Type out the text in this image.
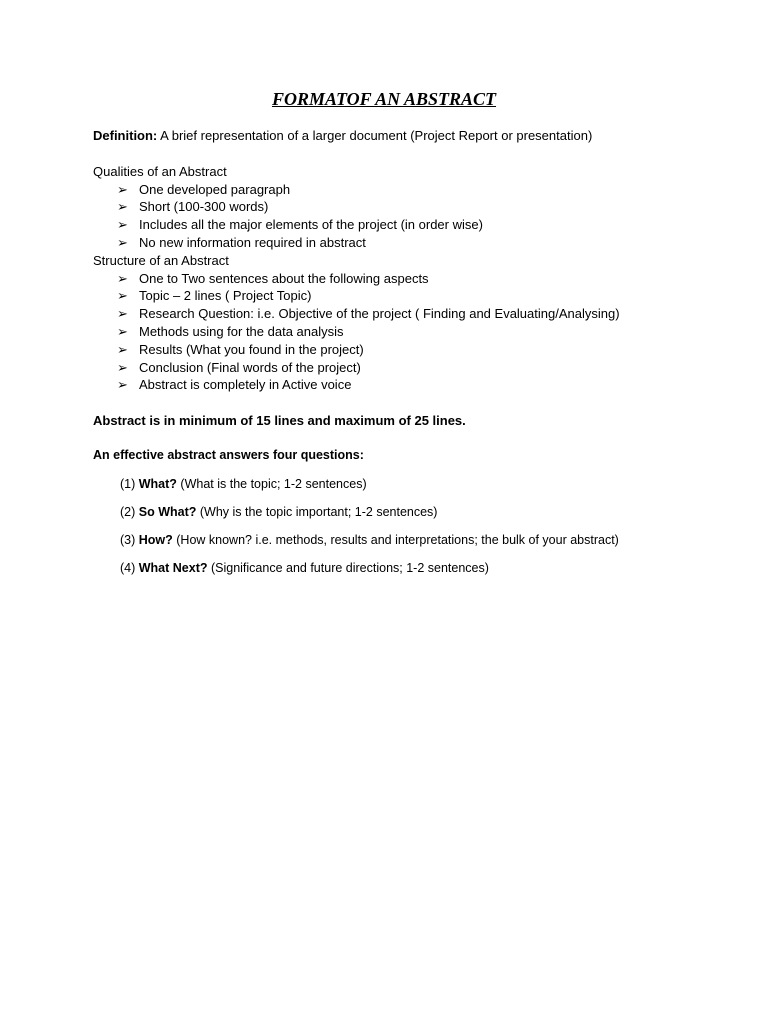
FORMATOF AN ABSTRACT

Definition: A brief representation of a larger document (Project Report or presentation)

Qualities of an Abstract

➢ One developed paragraph
➢ Short (100-300 words)
➢ Includes all the major elements of the project (in order wise)
➢ No new information required in abstract

Structure of an Abstract

➢ One to Two sentences about the following aspects
➢ Topic – 2 lines ( Project Topic)
➢ Research Question: i.e. Objective of the project ( Finding and Evaluating/Analysing)
➢ Methods using for the data analysis
➢ Results (What you found in the project)
➢ Conclusion (Final words of the project)
➢ Abstract is completely in Active voice

Abstract is in minimum of 15 lines and maximum of 25 lines.

An effective abstract answers four questions:

(1) What? (What is the topic; 1-2 sentences)

(2) So What? (Why is the topic important; 1-2 sentences)

(3) How? (How known? i.e. methods, results and interpretations; the bulk of your abstract)

(4) What Next? (Significance and future directions; 1-2 sentences)
